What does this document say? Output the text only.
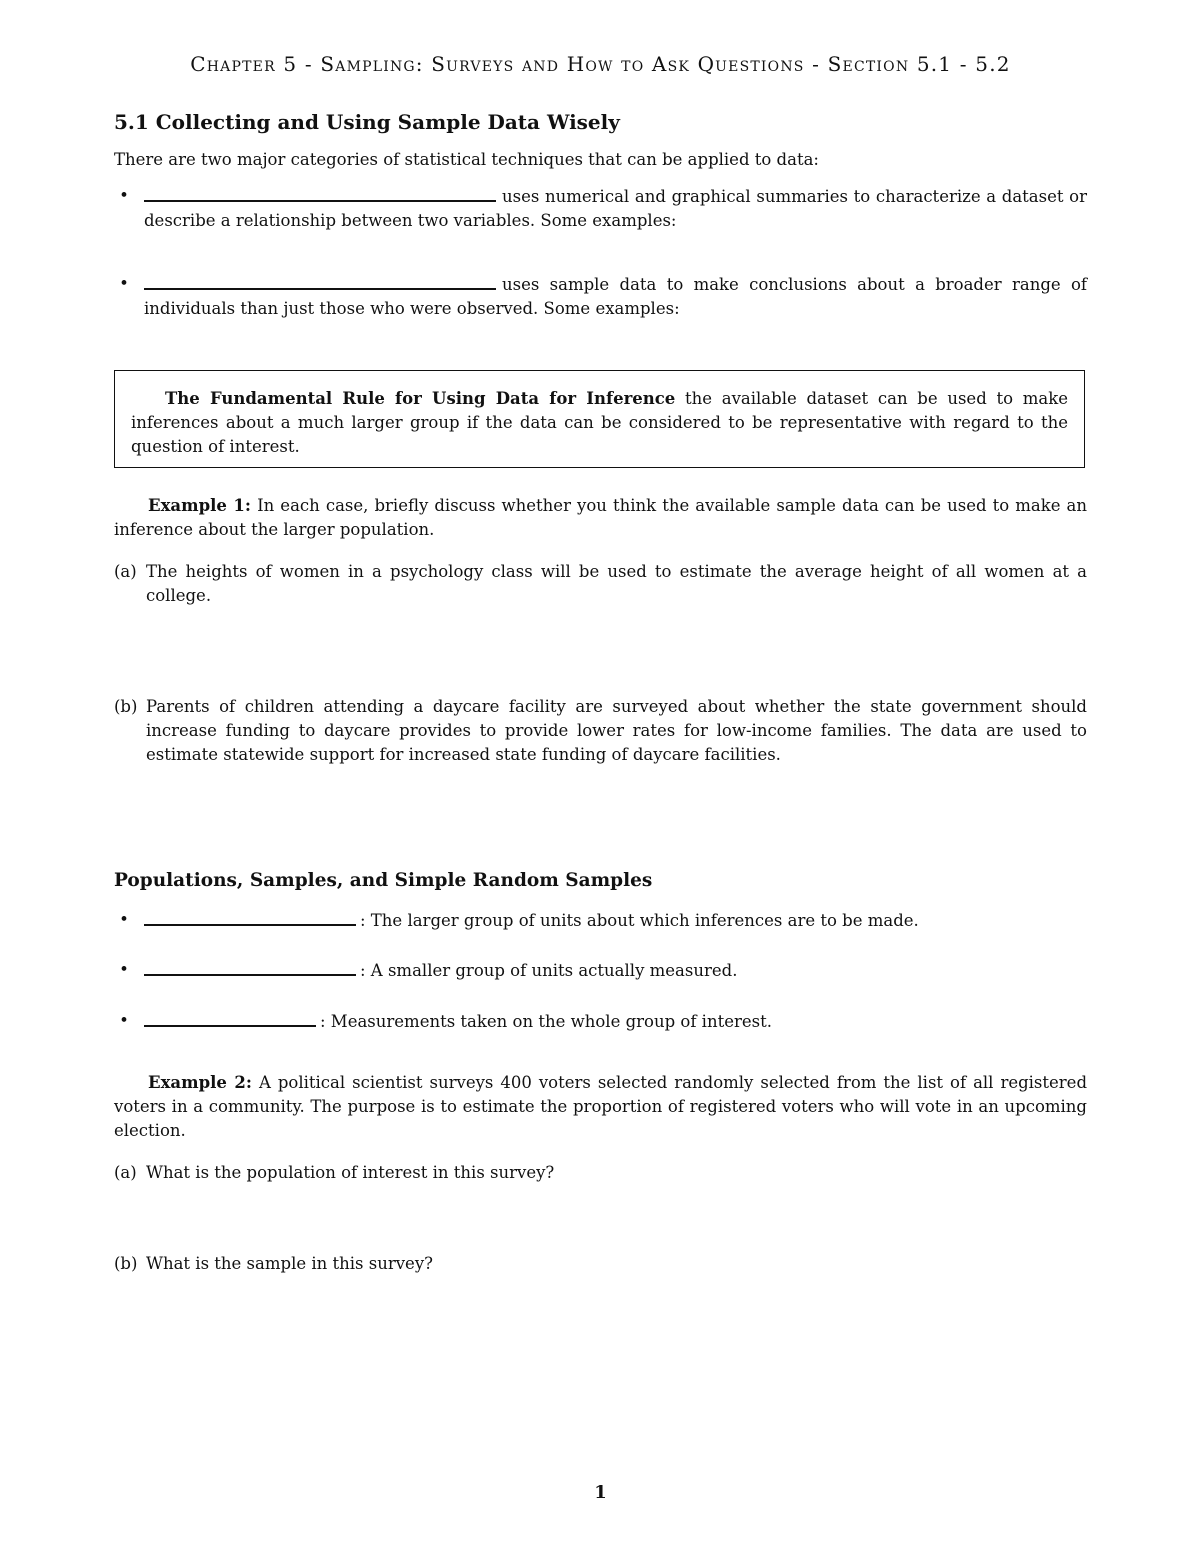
Chapter 5 - Sampling: Surveys and How to Ask Questions - Section 5.1 - 5.2
5.1 Collecting and Using Sample Data Wisely
There are two major categories of statistical techniques that can be applied to data:
•	uses numerical and graphical summaries to characterize a dataset or describe a relationship between two variables. Some examples:
•	uses sample data to make conclusions about a broader range of individuals than just those who were observed. Some examples:
The Fundamental Rule for Using Data for Inference the available dataset can be used to make inferences about a much larger group if the data can be considered to be representative with regard to the question of interest.
Example 1: In each case, briefly discuss whether you think the available sample data can be used to make an inference about the larger population.
(a) The heights of women in a psychology class will be used to estimate the average height of all women at a college.
(b) Parents of children attending a daycare facility are surveyed about whether the state government should increase funding to daycare provides to provide lower rates for low-income families. The data are used to estimate statewide support for increased state funding of daycare facilities.
Populations, Samples, and Simple Random Samples
•	: The larger group of units about which inferences are to be made.
•	: A smaller group of units actually measured.
•	: Measurements taken on the whole group of interest.
Example 2: A political scientist surveys 400 voters selected randomly selected from the list of all registered voters in a community. The purpose is to estimate the proportion of registered voters who will vote in an upcoming election.
(a) What is the population of interest in this survey?
(b) What is the sample in this survey?
1
